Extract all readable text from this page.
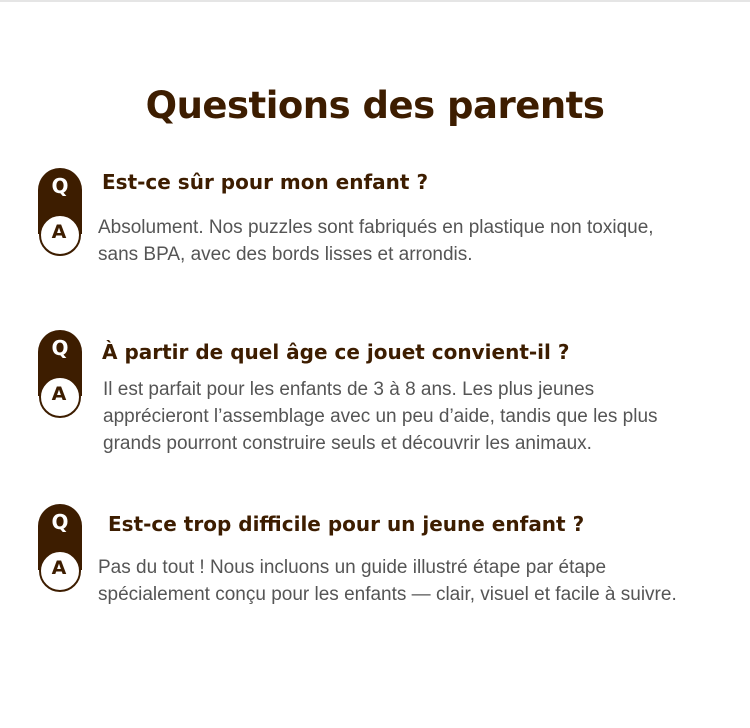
Questions des parents
Q
A
Est-ce sûr pour mon enfant ?
Absolument. Nos puzzles sont fabriqués en plastique non toxique,
sans BPA, avec des bords lisses et arrondis.
Q
A
À partir de quel âge ce jouet convient-il ?
Il est parfait pour les enfants de 3 à 8 ans. Les plus jeunes
apprécieront l’assemblage avec un peu d’aide, tandis que les plus
grands pourront construire seuls et découvrir les animaux.
Q
A
Est-ce trop difficile pour un jeune enfant ?
Pas du tout ! Nous incluons un guide illustré étape par étape
spécialement conçu pour les enfants — clair, visuel et facile à suivre.
